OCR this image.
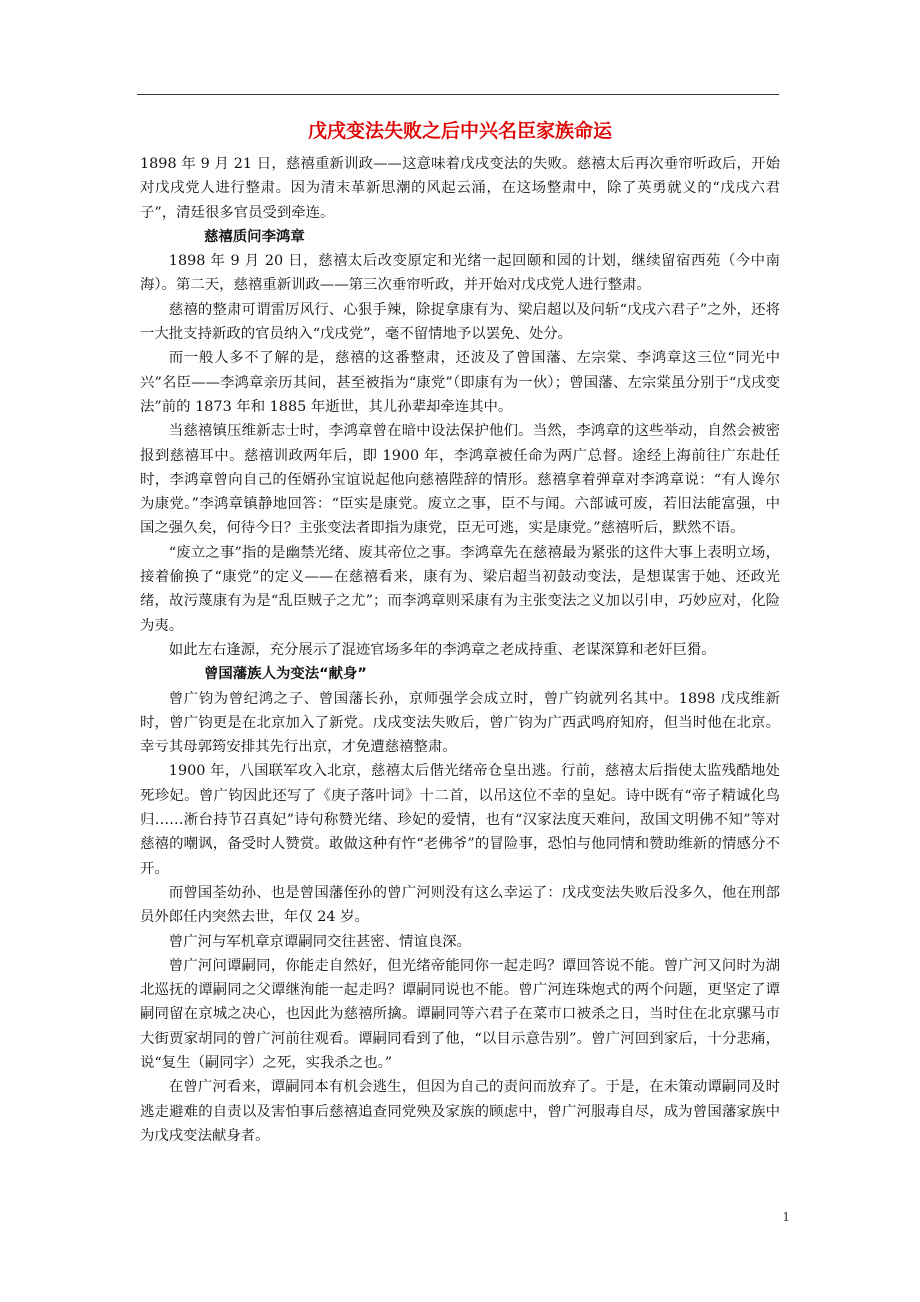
戊戌变法失败之后中兴名臣家族命运

1898 年 9 月 21 日，慈禧重新训政——这意味着戊戌变法的失败。慈禧太后再次垂帘听政后，开始对戊戌党人进行整肃。因为清末革新思潮的风起云涌，在这场整肃中，除了英勇就义的“戊戌六君子”，清廷很多官员受到牵连。

慈禧质问李鸿章

1898 年 9 月 20 日，慈禧太后改变原定和光绪一起回颐和园的计划，继续留宿西苑（今中南海）。第二天，慈禧重新训政——第三次垂帘听政，并开始对戊戌党人进行整肃。

慈禧的整肃可谓雷厉风行、心狠手辣，除捉拿康有为、梁启超以及问斩“戊戌六君子”之外，还将一大批支持新政的官员纳入“戊戌党”，毫不留情地予以罢免、处分。

而一般人多不了解的是，慈禧的这番整肃，还波及了曾国藩、左宗棠、李鸿章这三位“同光中兴”名臣——李鸿章亲历其间，甚至被指为“康党”（即康有为一伙）；曾国藩、左宗棠虽分别于“戊戌变法”前的 1873 年和 1885 年逝世，其儿孙辈却牵连其中。

当慈禧镇压维新志士时，李鸿章曾在暗中设法保护他们。当然，李鸿章的这些举动，自然会被密报到慈禧耳中。慈禧训政两年后，即 1900 年，李鸿章被任命为两广总督。途经上海前往广东赴任时，李鸿章曾向自己的侄婿孙宝谊说起他向慈禧陛辞的情形。慈禧拿着弹章对李鸿章说：“有人谗尔为康党。”李鸿章镇静地回答：“臣实是康党。废立之事，臣不与闻。六部诚可废，若旧法能富强，中国之强久矣，何待今日？主张变法者即指为康党，臣无可逃，实是康党。”慈禧听后，默然不语。

“废立之事”指的是幽禁光绪、废其帝位之事。李鸿章先在慈禧最为紧张的这件大事上表明立场，接着偷换了“康党”的定义——在慈禧看来，康有为、梁启超当初鼓动变法，是想谋害于她、还政光绪，故污蔑康有为是“乱臣贼子之尤”；而李鸿章则采康有为主张变法之义加以引申，巧妙应对，化险为夷。

如此左右逢源，充分展示了混迹官场多年的李鸿章之老成持重、老谋深算和老奸巨猾。

曾国藩族人为变法“献身”

曾广钧为曾纪鸿之子、曾国藩长孙，京师强学会成立时，曾广钧就列名其中。1898 戊戌维新时，曾广钧更是在北京加入了新党。戊戌变法失败后，曾广钧为广西武鸣府知府，但当时他在北京。幸亏其母郭筠安排其先行出京，才免遭慈禧整肃。

1900 年，八国联军攻入北京，慈禧太后偕光绪帝仓皇出逃。行前，慈禧太后指使太监残酷地处死珍妃。曾广钧因此还写了《庚子落叶词》十二首，以吊这位不幸的皇妃。诗中既有“帝子精诚化鸟归……淅台持节召真妃”诗句称赞光绪、珍妃的爱情，也有“汉家法度天难问，敌国文明佛不知”等对慈禧的嘲讽，备受时人赞赏。敢做这种有忤“老佛爷”的冒险事，恐怕与他同情和赞助维新的情感分不开。

而曾国荃幼孙、也是曾国藩侄孙的曾广河则没有这么幸运了：戊戌变法失败后没多久，他在刑部员外郎任内突然去世，年仅 24 岁。

曾广河与军机章京谭嗣同交往甚密、情谊良深。

曾广河问谭嗣同，你能走自然好，但光绪帝能同你一起走吗？谭回答说不能。曾广河又问时为湖北巡抚的谭嗣同之父谭继洵能一起走吗？谭嗣同说也不能。曾广河连珠炮式的两个问题，更坚定了谭嗣同留在京城之决心，也因此为慈禧所擒。谭嗣同等六君子在菜市口被杀之日，当时住在北京骡马市大街贾家胡同的曾广河前往观看。谭嗣同看到了他，“以目示意告别”。曾广河回到家后，十分悲痛，说“复生（嗣同字）之死，实我杀之也。”

在曾广河看来，谭嗣同本有机会逃生，但因为自己的责问而放弃了。于是，在未策动谭嗣同及时逃走避难的自责以及害怕事后慈禧追查同党殃及家族的顾虑中，曾广河服毒自尽，成为曾国藩家族中为戊戌变法献身者。

1
